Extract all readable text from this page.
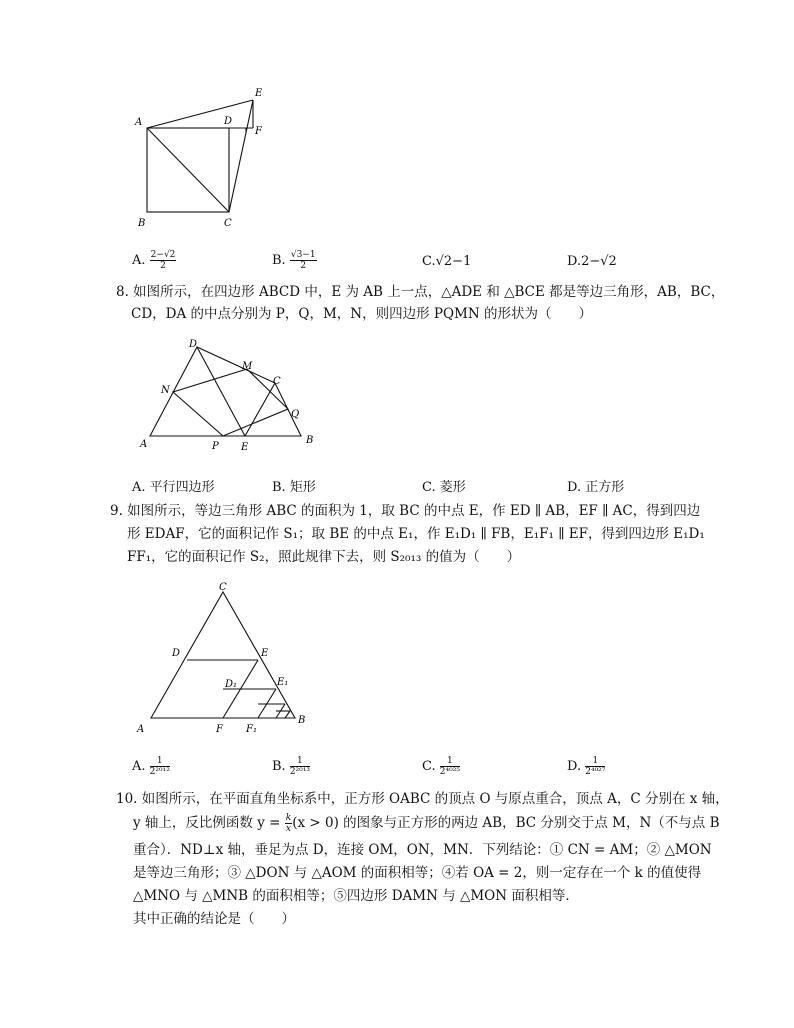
A
B	C
D
E
F
A. $\frac{2-√2}{2}$	B. $\frac{√3-1}{2}$	C.√2−1	D.2−√2
8. 如图所示，在四边形 ABCD 中，E 为 AB 上一点，△ADE 和 △BCE 都是等边三角形，AB，BC，
CD，DA 的中点分别为 P，Q，M，N，则四边形 PQMN 的形状为（　　）
A	B
C
D
E
M
N
P
Q
A. 平行四边形	B. 矩形	C. 菱形	D. 正方形
9. 如图所示，等边三角形 ABC 的面积为 1，取 BC 的中点 E，作 ED ∥ AB，EF ∥ AC，得到四边
形 EDAF，它的面积记作 S₁；取 BE 的中点 E₁，作 E₁D₁ ∥ FB，E₁F₁ ∥ EF，得到四边形 E₁D₁
FF₁，它的面积记作 S₂，照此规律下去，则 S₂₀₁₃ 的值为（　　）
A
B
C
D	E
F
D₁	E₁
F₁
A. $\frac{1}{\text{2²⁰¹²}}$	B. $\frac{1}{\text{2²⁰¹³}}$	C. $\frac{1}{\text{2⁴⁰²⁵}}$	D. $\frac{1}{\text{2⁴⁰²⁷}}$
10. 如图所示，在平面直角坐标系中，正方形 OABC 的顶点 O 与原点重合，顶点 A，C 分别在 x 轴，
y 轴上，反比例函数 $y = \frac{k}{x} (x > 0)$ 的图象与正方形的两边 AB，BC 分别交于点 M，N（不与点 B
重合）．ND⊥x 轴，垂足为点 D，连接 OM，ON，MN．下列结论：① CN = AM；② △MON
是等边三角形；③ △DON 与 △AOM 的面积相等；④若 OA = 2，则一定存在一个 k 的值使得
△MNO 与 △MNB 的面积相等；⑤四边形 DAMN 与 △MON 面积相等．
其中正确的结论是（　　）
